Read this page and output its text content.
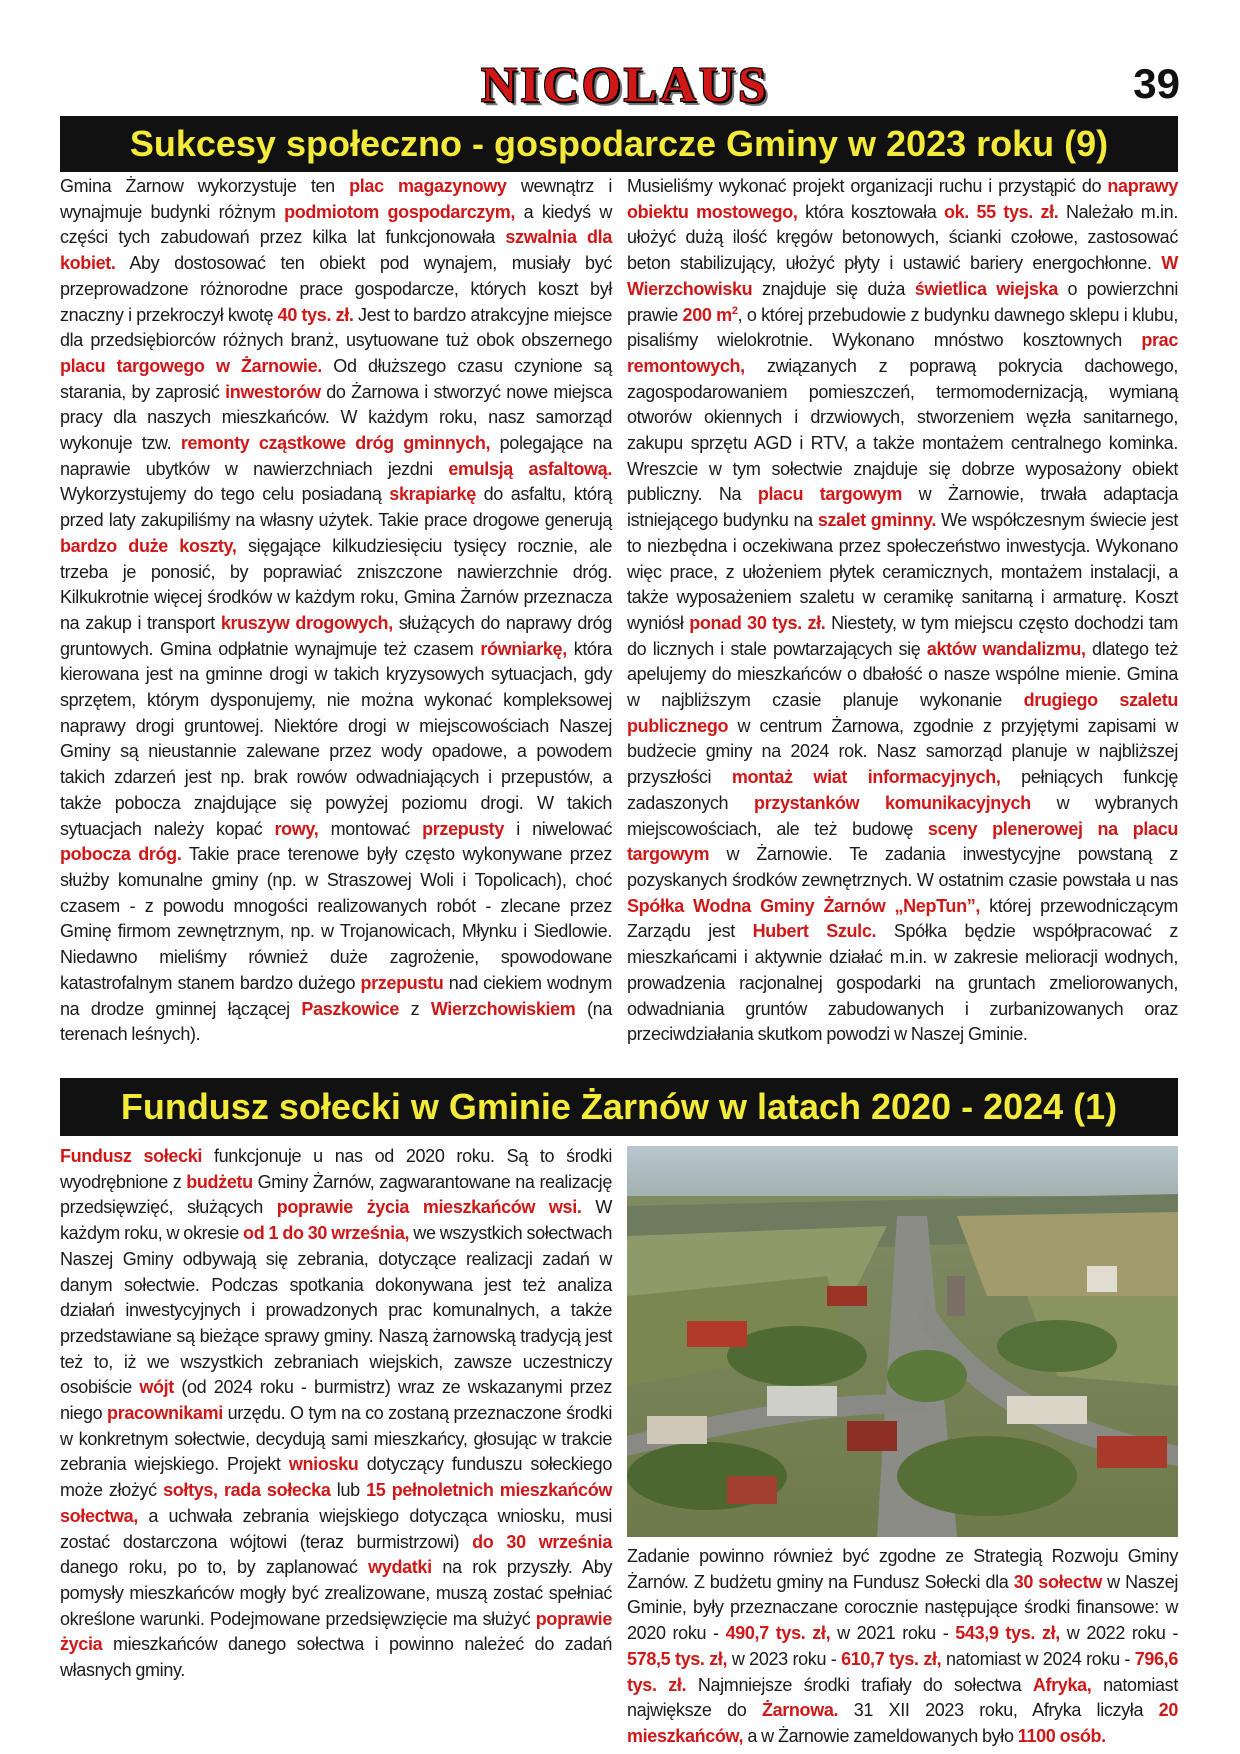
NICOLAUS	39
Sukcesy społeczno - gospodarcze Gminy w 2023 roku (9)
Gmina Żarnow wykorzystuje ten plac magazynowy wewnątrz i wynajmuje budynki różnym podmiotom gospodarczym, a kiedyś w części tych zabudowań przez kilka lat funkcjonowała szwalnia dla kobiet. Aby dostosować ten obiekt pod wynajem, musiały być przeprowadzone różnorodne prace gospodarcze, których koszt był znaczny i przekroczył kwotę 40 tys. zł. Jest to bardzo atrakcyjne miejsce dla przedsiębiorców różnych branż, usytuowane tuż obok obszernego placu targowego w Żarnowie. Od dłuższego czasu czynione są starania, by zaprosić inwestorów do Żarnowa i stworzyć nowe miejsca pracy dla naszych mieszkańców. W każdym roku, nasz samorząd wykonuje tzw. remonty cząstkowe dróg gminnych, polegające na naprawie ubytków w nawierzchniach jezdni emulsją asfaltową. Wykorzystujemy do tego celu posiadaną skrapiarkę do asfaltu, którą przed laty zakupiliśmy na własny użytek. Takie prace drogowe generują bardzo duże koszty, sięgające kilkudziesięciu tysięcy rocznie, ale trzeba je ponosić, by poprawiać zniszczone nawierzchnie dróg. Kilkukrotnie więcej środków w każdym roku, Gmina Żarnów przeznacza na zakup i transport kruszyw drogowych, służących do naprawy dróg gruntowych. Gmina odpłatnie wynajmuje też czasem równiarkę, która kierowana jest na gminne drogi w takich kryzysowych sytuacjach, gdy sprzętem, którym dysponujemy, nie można wykonać kompleksowej naprawy drogi gruntowej. Niektóre drogi w miejscowościach Naszej Gminy są nieustannie zalewane przez wody opadowe, a powodem takich zdarzeń jest np. brak rowów odwadniających i przepustów, a także pobocza znajdujące się powyżej poziomu drogi. W takich sytuacjach należy kopać rowy, montować przepusty i niwelować pobocza dróg. Takie prace terenowe były często wykonywane przez służby komunalne gminy (np. w Straszowej Woli i Topolicach), choć czasem - z powodu mnogości realizowanych robót - zlecane przez Gminę firmom zewnętrznym, np. w Trojanowicach, Młynku i Siedlowie. Niedawno mieliśmy również duże zagrożenie, spowodowane katastrofalnym stanem bardzo dużego przepustu nad ciekiem wodnym na drodze gminnej łączącej Paszkowice z Wierzchowiskiem (na terenach leśnych).
Musieliśmy wykonać projekt organizacji ruchu i przystąpić do naprawy obiektu mostowego, która kosztowała ok. 55 tys. zł. Należało m.in. ułożyć dużą ilość kręgów betonowych, ścianki czołowe, zastosować beton stabilizujący, ułożyć płyty i ustawić bariery energochłonne. W Wierzchowisku znajduje się duża świetlica wiejska o powierzchni prawie 200 $m^2$, o której przebudowie z budynku dawnego sklepu i klubu, pisaliśmy wielokrotnie. Wykonano mnóstwo kosztownych prac remontowych, związanych z poprawą pokrycia dachowego, zagospodarowaniem pomieszczeń, termomodernizacją, wymianą otworów okiennych i drzwiowych, stworzeniem węzła sanitarnego, zakupu sprzętu AGD i RTV, a także montażem centralnego kominka. Wreszcie w tym sołectwie znajduje się dobrze wyposażony obiekt publiczny. Na placu targowym w Żarnowie, trwała adaptacja istniejącego budynku na szalet gminny. We współczesnym świecie jest to niezbędna i oczekiwana przez społeczeństwo inwestycja. Wykonano więc prace, z ułożeniem płytek ceramicznych, montażem instalacji, a także wyposażeniem szaletu w ceramikę sanitarną i armaturę. Koszt wyniósł ponad 30 tys. zł. Niestety, w tym miejscu często dochodzi tam do licznych i stale powtarzających się aktów wandalizmu, dlatego też apelujemy do mieszkańców o dbałość o nasze wspólne mienie. Gmina w najbliższym czasie planuje wykonanie drugiego szaletu publicznego w centrum Żarnowa, zgodnie z przyjętymi zapisami w budżecie gminy na 2024 rok. Nasz samorząd planuje w najbliższej przyszłości montaż wiat informacyjnych, pełniących funkcję zadaszonych przystanków komunikacyjnych w wybranych miejscowościach, ale też budowę sceny plenerowej na placu targowym w Żarnowie. Te zadania inwestycyjne powstaną z pozyskanych środków zewnętrznych. W ostatnim czasie powstała u nas Spółka Wodna Gminy Żarnów „NepTun”, której przewodniczącym Zarządu jest Hubert Szulc. Spółka będzie współpracować z mieszkańcami i aktywnie działać m.in. w zakresie melioracji wodnych, prowadzenia racjonalnej gospodarki na gruntach zmeliorowanych, odwadniania gruntów zabudowanych i zurbanizowanych oraz przeciwdziałania skutkom powodzi w Naszej Gminie.
Fundusz sołecki w Gminie Żarnów w latach 2020 - 2024 (1)
Fundusz sołecki funkcjonuje u nas od 2020 roku. Są to środki wyodrębnione z budżetu Gminy Żarnów, zagwarantowane na realizację przedsięwzięć, służących poprawie życia mieszkańców wsi. W każdym roku, w okresie od 1 do 30 września, we wszystkich sołectwach Naszej Gminy odbywają się zebrania, dotyczące realizacji zadań w danym sołectwie. Podczas spotkania dokonywana jest też analiza działań inwestycyjnych i prowadzonych prac komunalnych, a także przedstawiane są bieżące sprawy gminy. Naszą żarnowską tradycją jest też to, iż we wszystkich zebraniach wiejskich, zawsze uczestniczy osobiście wójt (od 2024 roku - burmistrz) wraz ze wskazanymi przez niego pracownikami urzędu. O tym na co zostaną przeznaczone środki w konkretnym sołectwie, decydują sami mieszkańcy, głosując w trakcie zebrania wiejskiego. Projekt wniosku dotyczący funduszu sołeckiego może złożyć sołtys, rada sołecka lub 15 pełnoletnich mieszkańców sołectwa, a uchwała zebrania wiejskiego dotycząca wniosku, musi zostać dostarczona wójtowi (teraz burmistrzowi) do 30 września danego roku, po to, by zaplanować wydatki na rok przyszły. Aby pomysły mieszkańców mogły być zrealizowane, muszą zostać spełniać określone warunki. Podejmowane przedsięwzięcie ma służyć poprawie życia mieszkańców danego sołectwa i powinno należeć do zadań własnych gminy.
Zadanie powinno również być zgodne ze Strategią Rozwoju Gminy Żarnów. Z budżetu gminy na Fundusz Sołecki dla 30 sołectw w Naszej Gminie, były przeznaczane corocznie następujące środki finansowe: w 2020 roku - 490,7 tys. zł, w 2021 roku - 543,9 tys. zł, w 2022 roku - 578,5 tys. zł, w 2023 roku - 610,7 tys. zł, natomiast w 2024 roku - 796,6 tys. zł. Najmniejsze środki trafiały do sołectwa Afryka, natomiast największe do Żarnowa. 31 XII 2023 roku, Afryka liczyła 20 mieszkańców, a w Żarnowie zameldowanych było 1100 osób.
